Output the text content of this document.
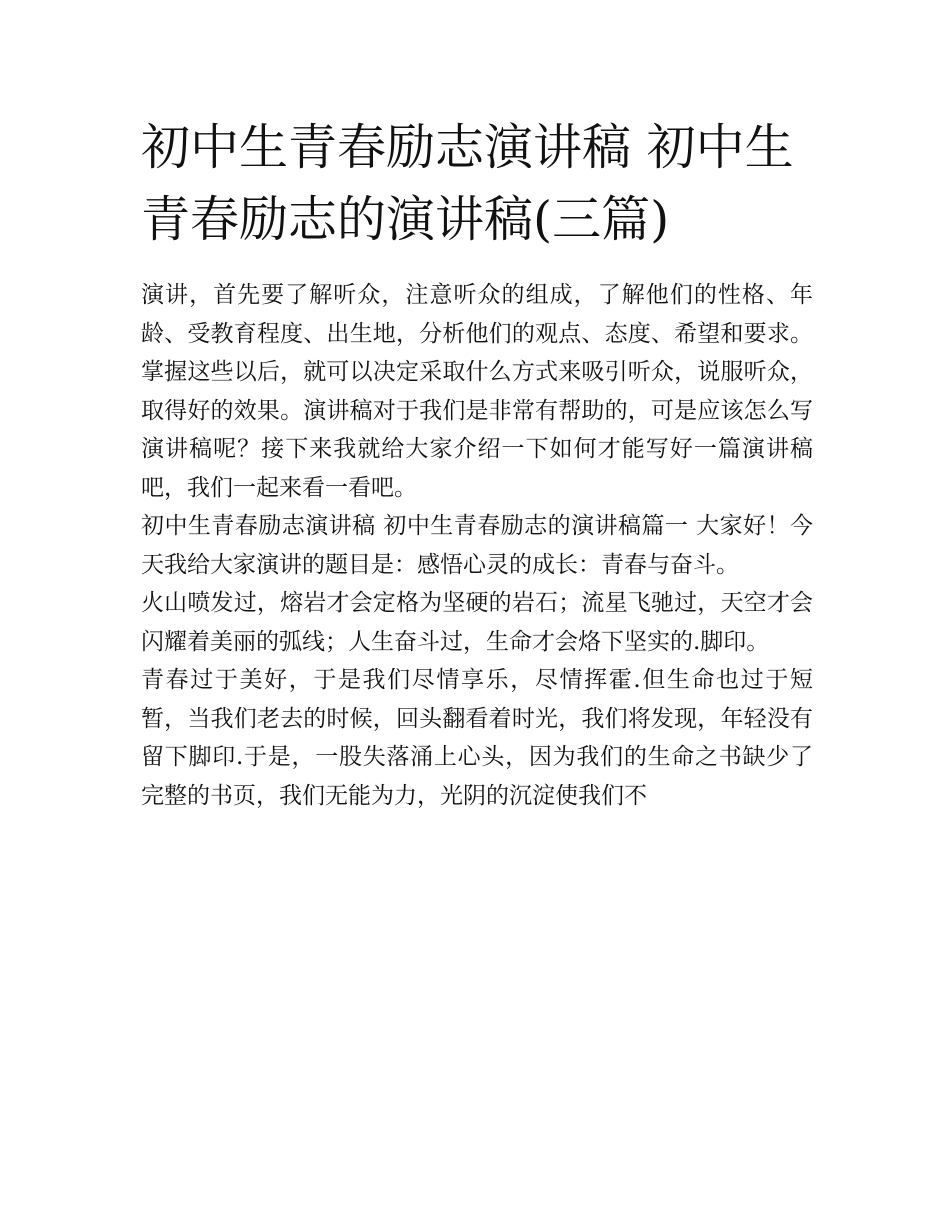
初中生青春励志演讲稿 初中生青春励志的演讲稿(三篇)

演讲，首先要了解听众，注意听众的组成，了解他们的性格、年龄、受教育程度、出生地，分析他们的观点、态度、希望和要求。掌握这些以后，就可以决定采取什么方式来吸引听众，说服听众，取得好的效果。演讲稿对于我们是非常有帮助的，可是应该怎么写演讲稿呢？接下来我就给大家介绍一下如何才能写好一篇演讲稿吧，我们一起来看一看吧。

初中生青春励志演讲稿 初中生青春励志的演讲稿篇一 大家好！今天我给大家演讲的题目是：感悟心灵的成长：青春与奋斗。

火山喷发过，熔岩才会定格为坚硬的岩石；流星飞驰过，天空才会闪耀着美丽的弧线；人生奋斗过，生命才会烙下坚实的.脚印。

青春过于美好，于是我们尽情享乐，尽情挥霍.但生命也过于短暂，当我们老去的时候，回头翻看着时光，我们将发现，年轻没有留下脚印.于是，一股失落涌上心头，因为我们的生命之书缺少了完整的书页，我们无能为力，光阴的沉淀使我们不
